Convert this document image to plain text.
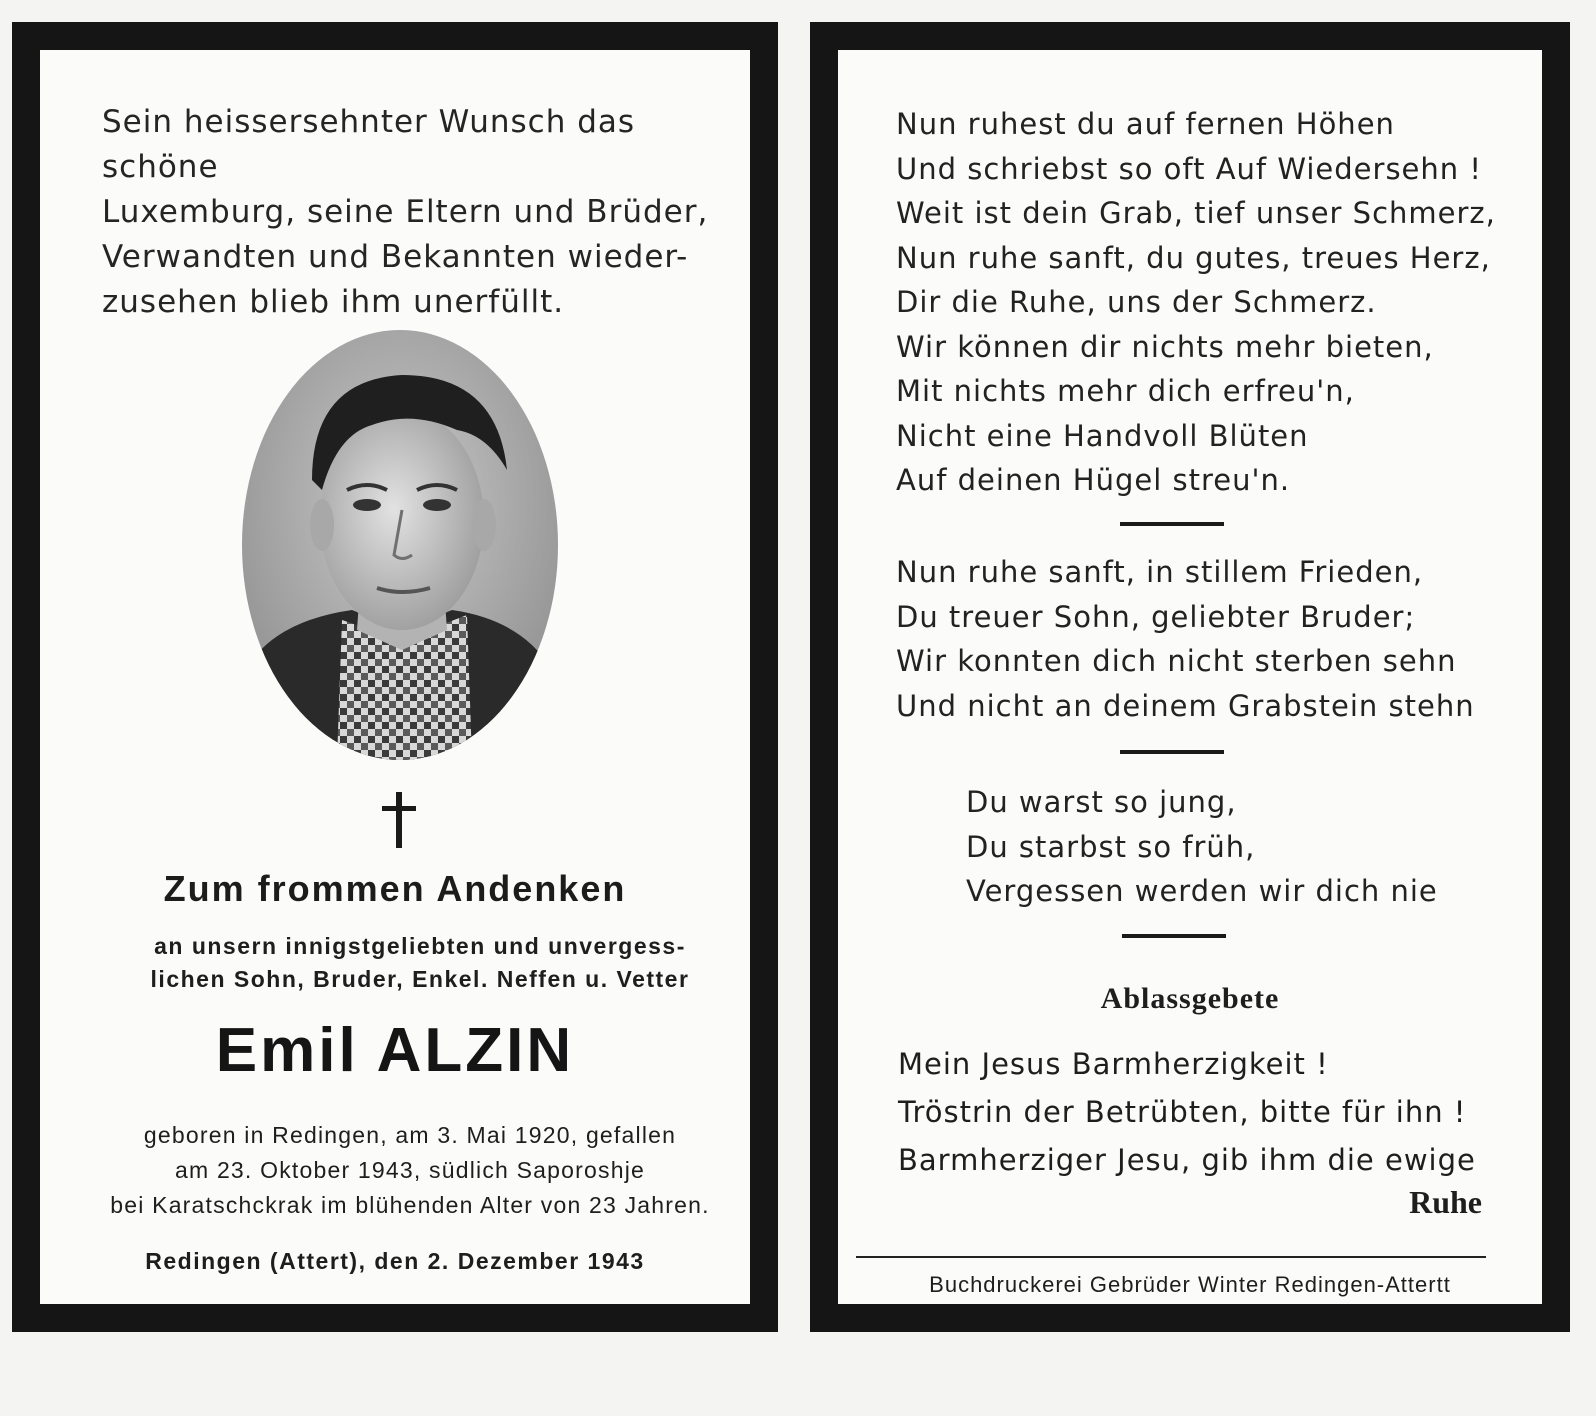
Sein heissersehnter Wunsch das schöne
Luxemburg, seine Eltern und Brüder,
Verwandten und Bekannten wieder-
zusehen blieb ihm unerfüllt.

Zum frommen Andenken

an unsern innigstgeliebten und unvergess-
lichen Sohn, Bruder, Enkel. Neffen u. Vetter

Emil ALZIN

geboren in Redingen, am 3. Mai 1920, gefallen
am 23. Oktober 1943, südlich Saporoshje
bei Karatschckrak im blühenden Alter von 23 Jahren.

Redingen (Attert), den 2. Dezember 1943

Nun ruhest du auf fernen Höhen
Und schriebst so oft Auf Wiedersehn !
Weit ist dein Grab, tief unser Schmerz,
Nun ruhe sanft, du gutes, treues Herz,
Dir die Ruhe, uns der Schmerz.
Wir können dir nichts mehr bieten,
Mit nichts mehr dich erfreu'n,
Nicht eine Handvoll Blüten
Auf deinen Hügel streu'n.

Nun ruhe sanft, in stillem Frieden,
Du treuer Sohn, geliebter Bruder;
Wir konnten dich nicht sterben sehn
Und nicht an deinem Grabstein stehn

Du warst so jung,
Du starbst so früh,
Vergessen werden wir dich nie

Ablassgebete

Mein Jesus Barmherzigkeit !
Tröstrin der Betrübten, bitte für ihn !
Barmherziger Jesu, gib ihm die ewige

Ruhe

Buchdruckerei Gebrüder Winter Redingen-Attertt
